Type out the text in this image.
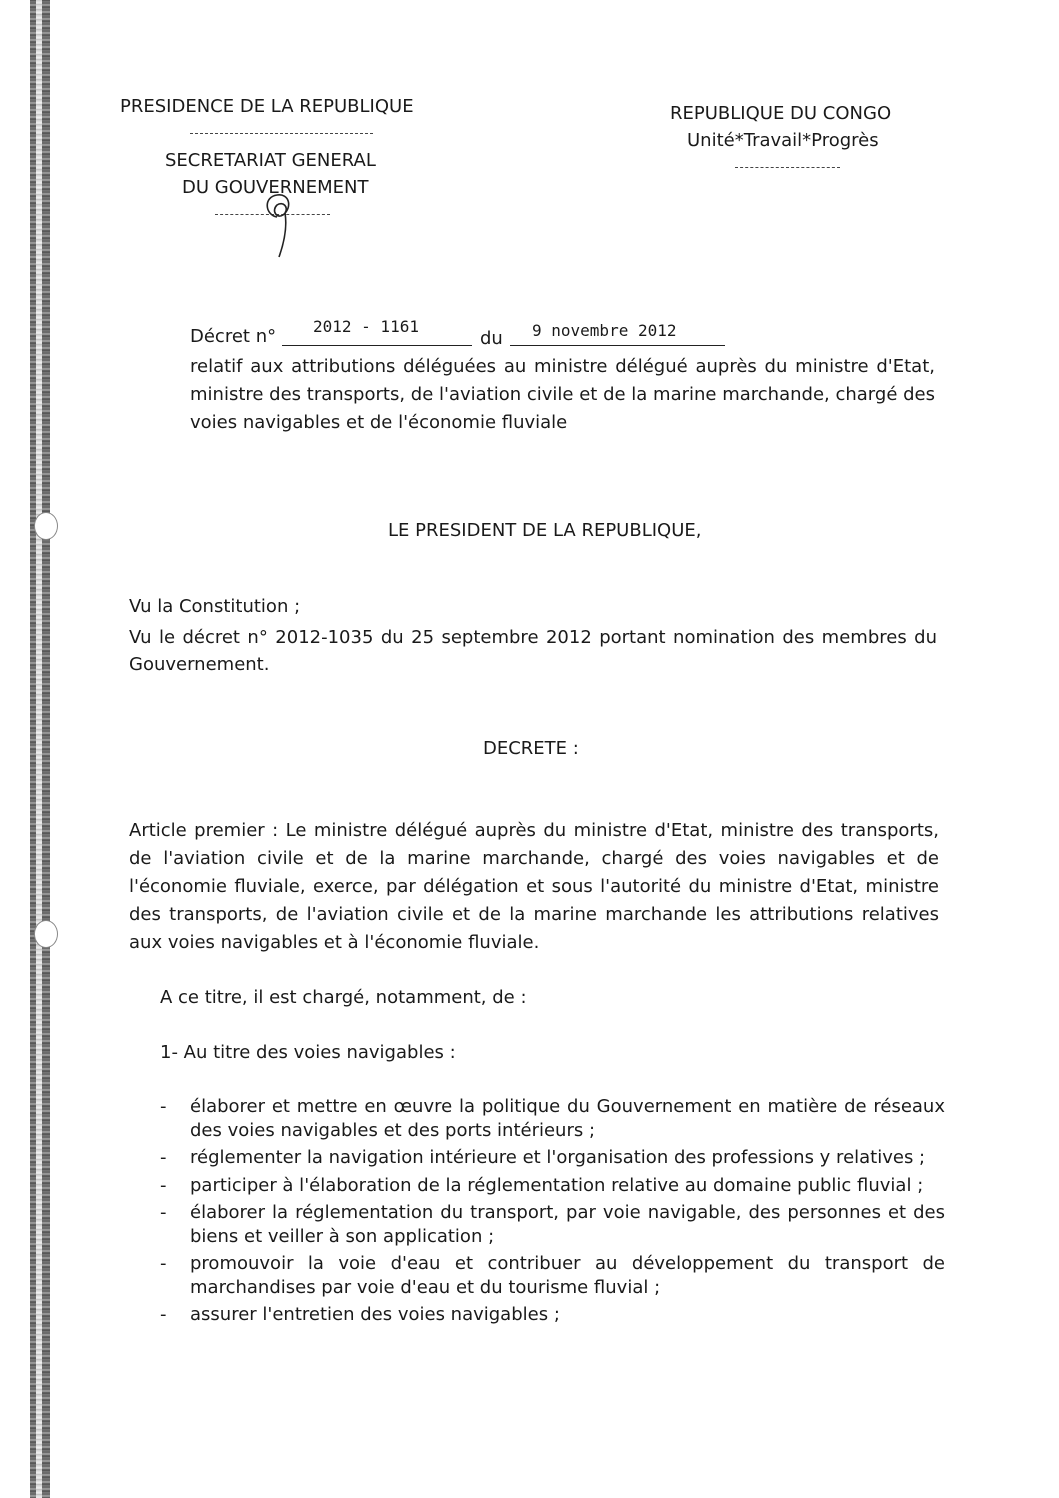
PRESIDENCE DE LA REPUBLIQUE
SECRETARIAT GENERAL
DU GOUVERNEMENT
REPUBLIQUE DU CONGO
Unité*Travail*Progrès
Décret n° 2012 - 1161
du 9 novembre 2012
relatif aux attributions déléguées au ministre délégué auprès du ministre d'Etat, ministre des transports, de l'aviation civile et de la marine marchande, chargé des voies navigables et de l'économie fluviale
LE PRESIDENT DE LA REPUBLIQUE,
Vu la Constitution ;
Vu le décret n° 2012-1035 du 25 septembre 2012 portant nomination des membres du Gouvernement.
DECRETE :
Article premier : Le ministre délégué auprès du ministre d'Etat, ministre des transports, de l'aviation civile et de la marine marchande, chargé des voies navigables et de l'économie fluviale, exerce, par délégation et sous l'autorité du ministre d'Etat, ministre des transports, de l'aviation civile et de la marine marchande les attributions relatives aux voies navigables et à l'économie fluviale.
A ce titre, il est chargé, notamment, de :
1- Au titre des voies navigables :
- élaborer et mettre en œuvre la politique du Gouvernement en matière de réseaux des voies navigables et des ports intérieurs ;
- réglementer la navigation intérieure et l'organisation des professions y relatives ;
- participer à l'élaboration de la réglementation relative au domaine public fluvial ;
- élaborer la réglementation du transport, par voie navigable, des personnes et des biens et veiller à son application ;
- promouvoir la voie d'eau et contribuer au développement du transport de marchandises par voie d'eau et du tourisme fluvial ;
- assurer l'entretien des voies navigables ;
